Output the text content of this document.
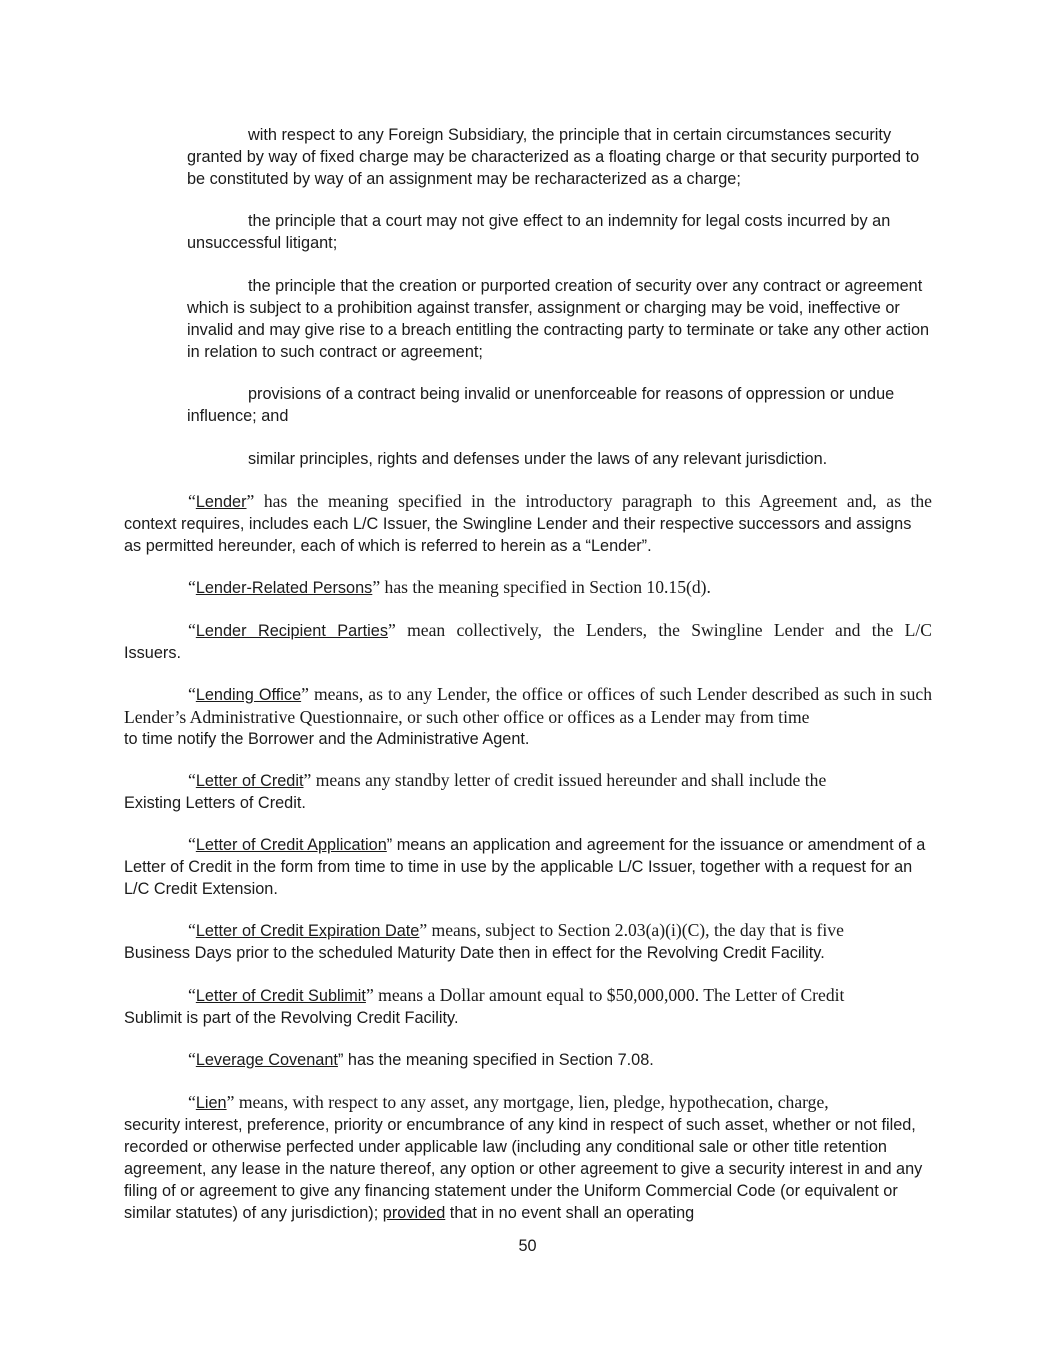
with respect to any Foreign Subsidiary, the principle that in certain circumstances security granted by way of fixed charge may be characterized as a floating charge or that security purported to be constituted by way of an assignment may be recharacterized as a charge;

the principle that a court may not give effect to an indemnity for legal costs incurred by an unsuccessful litigant;

the principle that the creation or purported creation of security over any contract or agreement which is subject to a prohibition against transfer, assignment or charging may be void, ineffective or invalid and may give rise to a breach entitling the contracting party to terminate or take any other action in relation to such contract or agreement;

provisions of a contract being invalid or unenforceable for reasons of oppression or undue influence; and

similar principles, rights and defenses under the laws of any relevant jurisdiction.

“Lender” has the meaning specified in the introductory paragraph to this Agreement and, as the

context requires, includes each L/C Issuer, the Swingline Lender and their respective successors and assigns as permitted hereunder, each of which is referred to herein as a “Lender”.

“Lender-Related Persons” has the meaning specified in Section 10.15(d).

“Lender Recipient Parties” mean collectively, the Lenders, the Swingline Lender and the L/C

Issuers.

“Lending Office” means, as to any Lender, the office or offices of such Lender described as such in such Lender’s Administrative Questionnaire, or such other office or offices as a Lender may from time

to time notify the Borrower and the Administrative Agent.

“Letter of Credit” means any standby letter of credit issued hereunder and shall include the

Existing Letters of Credit.

“Letter of Credit Application” means an application and agreement for the issuance or amendment of a Letter of Credit in the form from time to time in use by the applicable L/C Issuer, together with a request for an L/C Credit Extension.

“Letter of Credit Expiration Date” means, subject to Section 2.03(a)(i)(C), the day that is five

Business Days prior to the scheduled Maturity Date then in effect for the Revolving Credit Facility.

“Letter of Credit Sublimit” means a Dollar amount equal to $50,000,000. The Letter of Credit

Sublimit is part of the Revolving Credit Facility.

“Leverage Covenant” has the meaning specified in Section 7.08.

“Lien” means, with respect to any asset, any mortgage, lien, pledge, hypothecation, charge,

security interest, preference, priority or encumbrance of any kind in respect of such asset, whether or not filed, recorded or otherwise perfected under applicable law (including any conditional sale or other title retention agreement, any lease in the nature thereof, any option or other agreement to give a security interest in and any filing of or agreement to give any financing statement under the Uniform Commercial Code (or equivalent or similar statutes) of any jurisdiction); provided that in no event shall an operating

50
